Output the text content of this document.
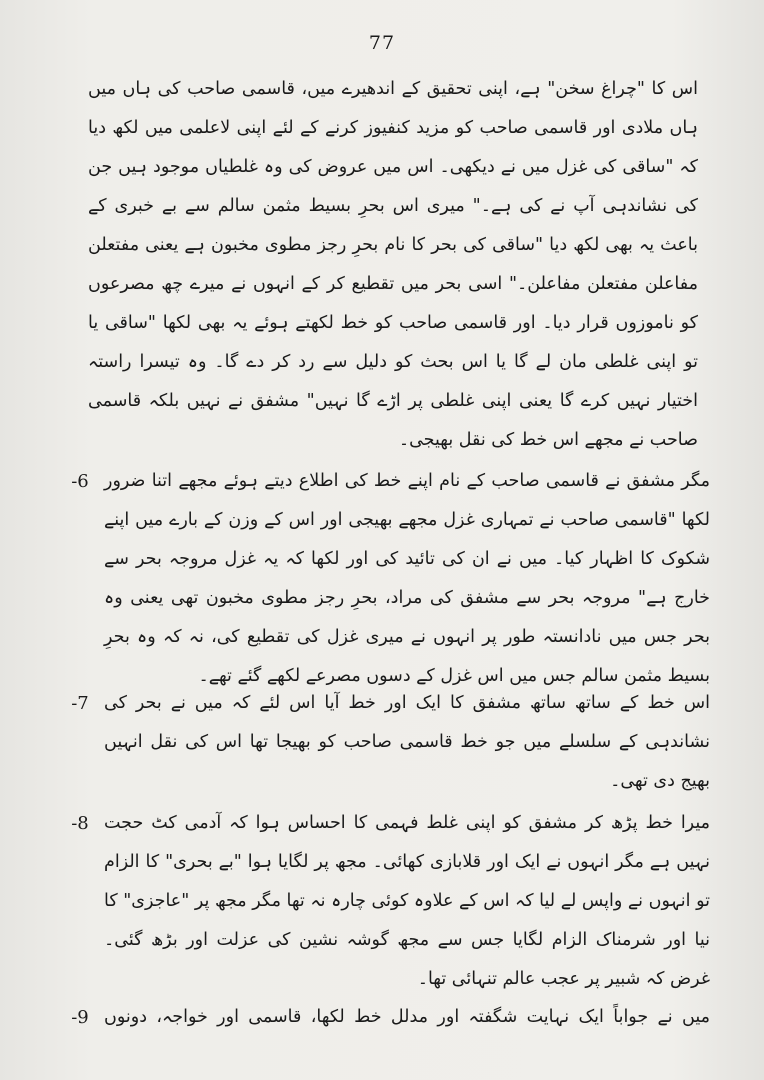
77
اس کا "چراغ سخن" ہے، اپنی تحقیق کے اندھیرے میں، قاسمی صاحب کی ہاں میں ہاں ملادی اور قاسمی صاحب کو مزید کنفیوز کرنے کے لئے اپنی لاعلمی میں لکھ دیا کہ "ساقی کی غزل میں نے دیکھی۔ اس میں عروض کی وہ غلطیاں موجود ہیں جن کی نشاندہی آپ نے کی ہے۔" میری اس بحرِ بسیط مثمن سالم سے بے خبری کے باعث یہ بھی لکھ دیا "ساقی کی بحر کا نام بحرِ رجز مطوی مخبون ہے یعنی مفتعلن مفاعلن مفتعلن مفاعلن۔" اسی بحر میں تقطیع کر کے انہوں نے میرے چھ مصرعوں کو ناموزوں قرار دیا۔ اور قاسمی صاحب کو خط لکھتے ہوئے یہ بھی لکھا "ساقی یا تو اپنی غلطی مان لے گا یا اس بحث کو دلیل سے رد کر دے گا۔ وہ تیسرا راستہ اختیار نہیں کرے گا یعنی اپنی غلطی پر اڑے گا نہیں" مشفق نے نہیں بلکہ قاسمی صاحب نے مجھے اس خط کی نقل بھیجی۔
-6 مگر مشفق نے قاسمی صاحب کے نام اپنے خط کی اطلاع دیتے ہوئے مجھے اتنا ضرور لکھا "قاسمی صاحب نے تمہاری غزل مجھے بھیجی اور اس کے وزن کے بارے میں اپنے شکوک کا اظہار کیا۔ میں نے ان کی تائید کی اور لکھا کہ یہ غزل مروجہ بحر سے خارج ہے" مروجہ بحر سے مشفق کی مراد، بحرِ رجز مطوی مخبون تھی یعنی وہ بحر جس میں نادانستہ طور پر انہوں نے میری غزل کی تقطیع کی، نہ کہ وہ بحرِ بسیط مثمن سالم جس میں اس غزل کے دسوں مصرعے لکھے گئے تھے۔
-7 اس خط کے ساتھ ساتھ مشفق کا ایک اور خط آیا اس لئے کہ میں نے بحر کی نشاندہی کے سلسلے میں جو خط قاسمی صاحب کو بھیجا تھا اس کی نقل انہیں بھیج دی تھی۔
-8 میرا خط پڑھ کر مشفق کو اپنی غلط فہمی کا احساس ہوا کہ آدمی کٹ حجت نہیں ہے مگر انہوں نے ایک اور قلابازی کھائی۔ مجھ پر لگایا ہوا "بے بحری" کا الزام تو انہوں نے واپس لے لیا کہ اس کے علاوہ کوئی چارہ نہ تھا مگر مجھ پر "عاجزی" کا نیا اور شرمناک الزام لگایا جس سے مجھ گوشہ نشین کی عزلت اور بڑھ گئی۔ غرض کہ شبیر پر عجب عالم تنہائی تھا۔
-9 میں نے جواباً ایک نہایت شگفتہ اور مدلل خط لکھا، قاسمی اور خواجہ، دونوں
